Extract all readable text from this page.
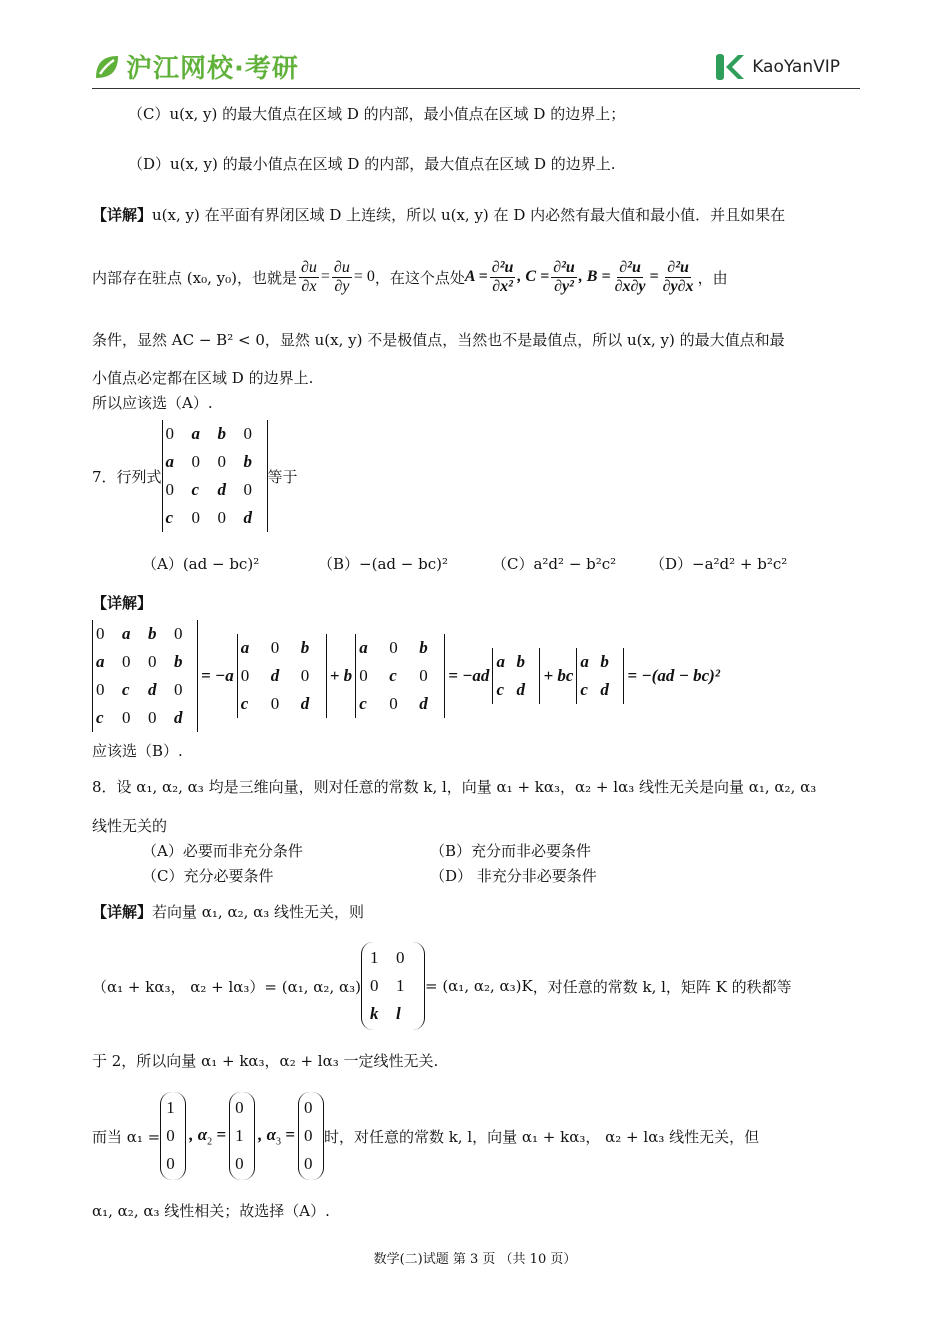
沪江网校·考研	KaoYanVIP
（C）u(x, y) 的最大值点在区域 D 的内部，最小值点在区域 D 的边界上；
（D）u(x, y) 的最小值点在区域 D 的内部，最大值点在区域 D 的边界上.
【详解】u(x, y) 在平面有界闭区域 D 上连续，所以 u(x, y) 在 D 内必然有最大值和最小值．并且如果在
内部存在驻点 (x₀, y₀)，也就是 $\frac{\partial u}{\partial x} = \frac{\partial u}{\partial y} = 0$ ，在这个点处 $A = \frac{\text{∂²u}}{\text{∂x²}}$ , $C = \frac{\text{∂²u}}{\text{∂y²}}$ , $B = \frac{\text{∂²u}}{\partial x\partial y} = \frac{\text{∂²u}}{\partial y\partial x}$ ，由
条件，显然 AC − B² < 0，显然 u(x, y) 不是极值点，当然也不是最值点，所以 u(x, y) 的最大值点和最
小值点必定都在区域 D 的边界上.
所以应该选（A）.
7．行列式
0	a	b	0
a	0	0	b
0	c	d	0
c	0	0	d
等于
（A）(ad − bc)²	（B）−(ad − bc)²	（C）a²d² − b²c² （D）−a²d² + b²c²
【详解】
0	a	b	0
a	0	0	b
0	c	d	0
c	0	0	d
= −a
a	0	b
0	d	0
c	0	d
+ b
a	0	b
0	c	0
c	0	d
= −ad
a b
c d
+ bc
a b
c d
= −(ad − bc)²
应该选（B）.
8．设 α₁, α₂, α₃ 均是三维向量，则对任意的常数 k, l，向量 α₁ + kα₃，α₂ + lα₃ 线性无关是向量 α₁, α₂, α₃
线性无关的
（A）必要而非充分条件	（B）充分而非必要条件
（C）充分必要条件	（D） 非充分非必要条件
【详解】若向量 α₁, α₂, α₃ 线性无关，则
（α₁ + kα₃， α₂ + lα₃）= (α₁, α₂, α₃)
1	0
0	1
k	l
= (α₁, α₂, α₃)K ，对任意的常数 k, l，矩阵 K 的秩都等
于 2，所以向量 α₁ + kα₃，α₂ + lα₃ 一定线性无关.
而当 α₁ =
1
0
0
, $\alpha_2$ =
0
1
0
, $\alpha_3$ =
0
0
0
时，对任意的常数 k, l，向量 α₁ + kα₃， α₂ + lα₃ 线性无关，但
α₁, α₂, α₃ 线性相关；故选择（A）.
数学(二)试题 第 3 页 （共 10 页）
